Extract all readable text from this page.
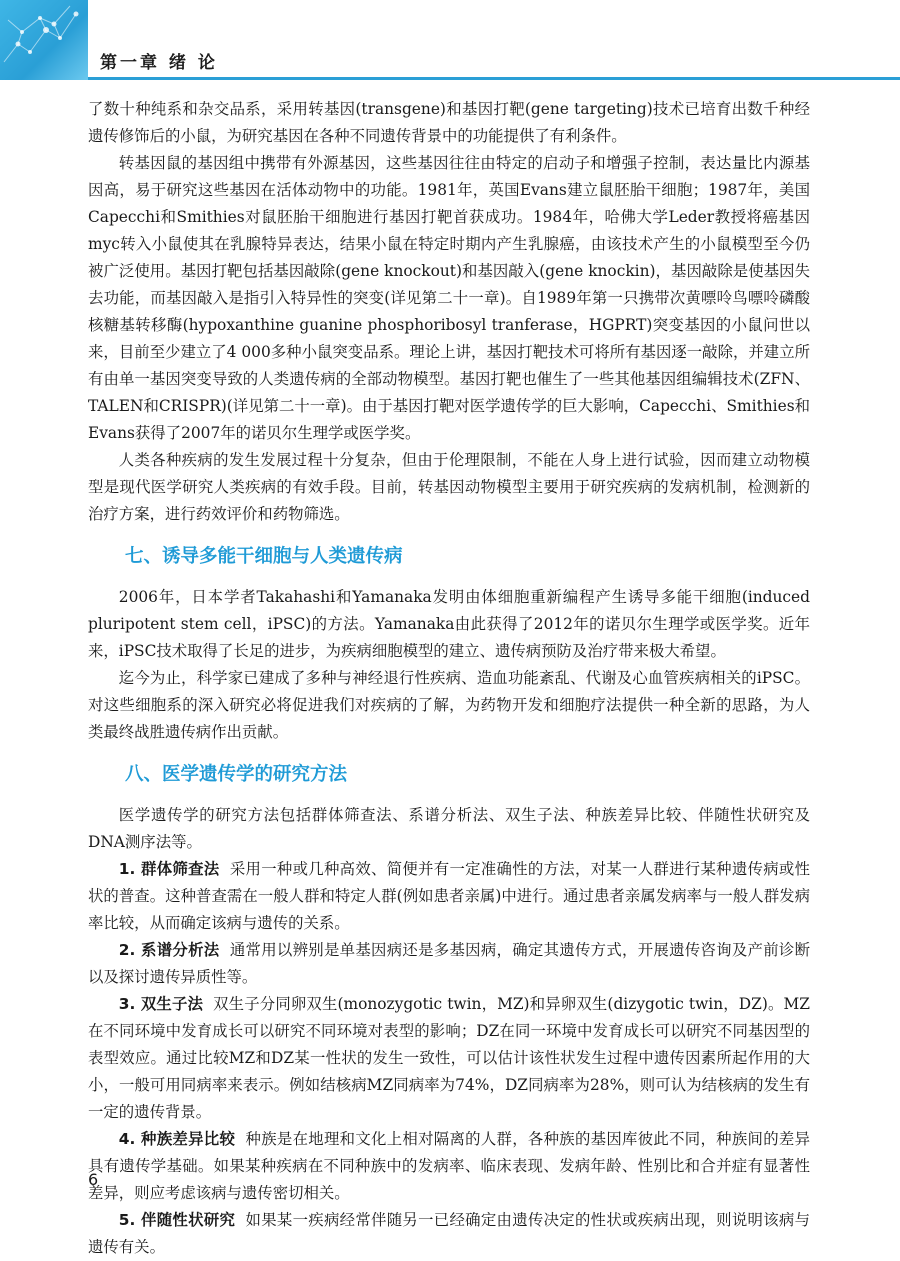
第一章 绪 论

了数十种纯系和杂交品系，采用转基因(transgene)和基因打靶(gene targeting)技术已培育出数千种经遗传修饰后的小鼠，为研究基因在各种不同遗传背景中的功能提供了有利条件。

转基因鼠的基因组中携带有外源基因，这些基因往往由特定的启动子和增强子控制，表达量比内源基因高，易于研究这些基因在活体动物中的功能。1981年，英国Evans建立鼠胚胎干细胞；1987年，美国Capecchi和Smithies对鼠胚胎干细胞进行基因打靶首获成功。1984年，哈佛大学Leder教授将癌基因myc转入小鼠使其在乳腺特异表达，结果小鼠在特定时期内产生乳腺癌，由该技术产生的小鼠模型至今仍被广泛使用。基因打靶包括基因敲除(gene knockout)和基因敲入(gene knockin)，基因敲除是使基因失去功能，而基因敲入是指引入特异性的突变(详见第二十一章)。自1989年第一只携带次黄嘌呤鸟嘌呤磷酸核糖基转移酶(hypoxanthine guanine phosphoribosyl tranferase，HGPRT)突变基因的小鼠问世以来，目前至少建立了4 000多种小鼠突变品系。理论上讲，基因打靶技术可将所有基因逐一敲除，并建立所有由单一基因突变导致的人类遗传病的全部动物模型。基因打靶也催生了一些其他基因组编辑技术(ZFN、TALEN和CRISPR)(详见第二十一章)。由于基因打靶对医学遗传学的巨大影响，Capecchi、Smithies和Evans获得了2007年的诺贝尔生理学或医学奖。

人类各种疾病的发生发展过程十分复杂，但由于伦理限制，不能在人身上进行试验，因而建立动物模型是现代医学研究人类疾病的有效手段。目前，转基因动物模型主要用于研究疾病的发病机制，检测新的治疗方案，进行药效评价和药物筛选。

七、诱导多能干细胞与人类遗传病

2006年，日本学者Takahashi和Yamanaka发明由体细胞重新编程产生诱导多能干细胞(induced pluripotent stem cell，iPSC)的方法。Yamanaka由此获得了2012年的诺贝尔生理学或医学奖。近年来，iPSC技术取得了长足的进步，为疾病细胞模型的建立、遗传病预防及治疗带来极大希望。

迄今为止，科学家已建成了多种与神经退行性疾病、造血功能紊乱、代谢及心血管疾病相关的iPSC。对这些细胞系的深入研究必将促进我们对疾病的了解，为药物开发和细胞疗法提供一种全新的思路，为人类最终战胜遗传病作出贡献。

八、医学遗传学的研究方法

医学遗传学的研究方法包括群体筛查法、系谱分析法、双生子法、种族差异比较、伴随性状研究及DNA测序法等。

1. 群体筛查法 采用一种或几种高效、简便并有一定准确性的方法，对某一人群进行某种遗传病或性状的普查。这种普查需在一般人群和特定人群(例如患者亲属)中进行。通过患者亲属发病率与一般人群发病率比较，从而确定该病与遗传的关系。

2. 系谱分析法 通常用以辨别是单基因病还是多基因病，确定其遗传方式，开展遗传咨询及产前诊断以及探讨遗传异质性等。

3. 双生子法 双生子分同卵双生(monozygotic twin，MZ)和异卵双生(dizygotic twin，DZ)。MZ在不同环境中发育成长可以研究不同环境对表型的影响；DZ在同一环境中发育成长可以研究不同基因型的表型效应。通过比较MZ和DZ某一性状的发生一致性，可以估计该性状发生过程中遗传因素所起作用的大小，一般可用同病率来表示。例如结核病MZ同病率为74%，DZ同病率为28%，则可认为结核病的发生有一定的遗传背景。

4. 种族差异比较 种族是在地理和文化上相对隔离的人群，各种族的基因库彼此不同，种族间的差异具有遗传学基础。如果某种疾病在不同种族中的发病率、临床表现、发病年龄、性别比和合并症有显著性差异，则应考虑该病与遗传密切相关。

5. 伴随性状研究 如果某一疾病经常伴随另一已经确定由遗传决定的性状或疾病出现，则说明该病与遗传有关。

6
